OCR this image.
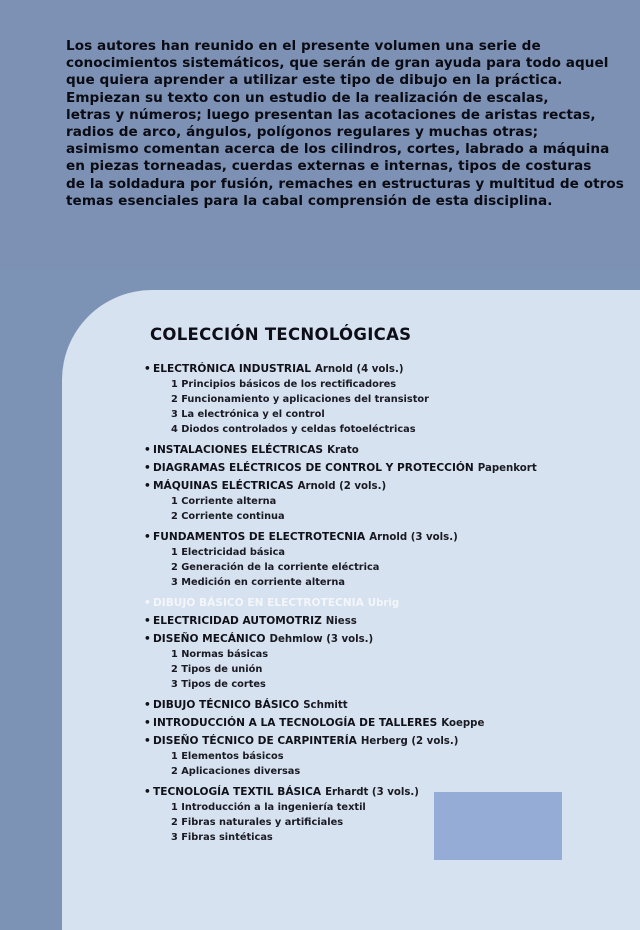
Los autores han reunido en el presente volumen una serie de
conocimientos sistemáticos, que serán de gran ayuda para todo aquel
que quiera aprender a utilizar este tipo de dibujo en la práctica.
Empiezan su texto con un estudio de la realización de escalas,
letras y números; luego presentan las acotaciones de aristas rectas,
radios de arco, ángulos, polígonos regulares y muchas otras;
asimismo comentan acerca de los cilindros, cortes, labrado a máquina
en piezas torneadas, cuerdas externas e internas, tipos de costuras
de la soldadura por fusión, remaches en estructuras y multitud de otros
temas esenciales para la cabal comprensión de esta disciplina.
COLECCIÓN TECNOLÓGICAS
• ELECTRÓNICA INDUSTRIAL Arnold (4 vols.)
1 Principios básicos de los rectificadores
2 Funcionamiento y aplicaciones del transistor
3 La electrónica y el control
4 Diodos controlados y celdas fotoeléctricas
• INSTALACIONES ELÉCTRICAS Krato
• DIAGRAMAS ELÉCTRICOS DE CONTROL Y PROTECCIÓN Papenkort
• MÁQUINAS ELÉCTRICAS Arnold (2 vols.)
1 Corriente alterna
2 Corriente continua
• FUNDAMENTOS DE ELECTROTECNIA Arnold (3 vols.)
1 Electricidad básica
2 Generación de la corriente eléctrica
3 Medición en corriente alterna
• DIBUJO BÁSICO EN ELECTROTECNIA Ubrig
• ELECTRICIDAD AUTOMOTRIZ Niess
• DISEÑO MECÁNICO Dehmlow (3 vols.)
1 Normas básicas
2 Tipos de unión
3 Tipos de cortes
• DIBUJO TÉCNICO BÁSICO Schmitt
• INTRODUCCIÓN A LA TECNOLOGÍA DE TALLERES Koeppe
• DISEÑO TÉCNICO DE CARPINTERÍA Herberg (2 vols.)
1 Elementos básicos
2 Aplicaciones diversas
• TECNOLOGÍA TEXTIL BÁSICA Erhardt (3 vols.)
1 Introducción a la ingeniería textil
2 Fibras naturales y artificiales
3 Fibras sintéticas
